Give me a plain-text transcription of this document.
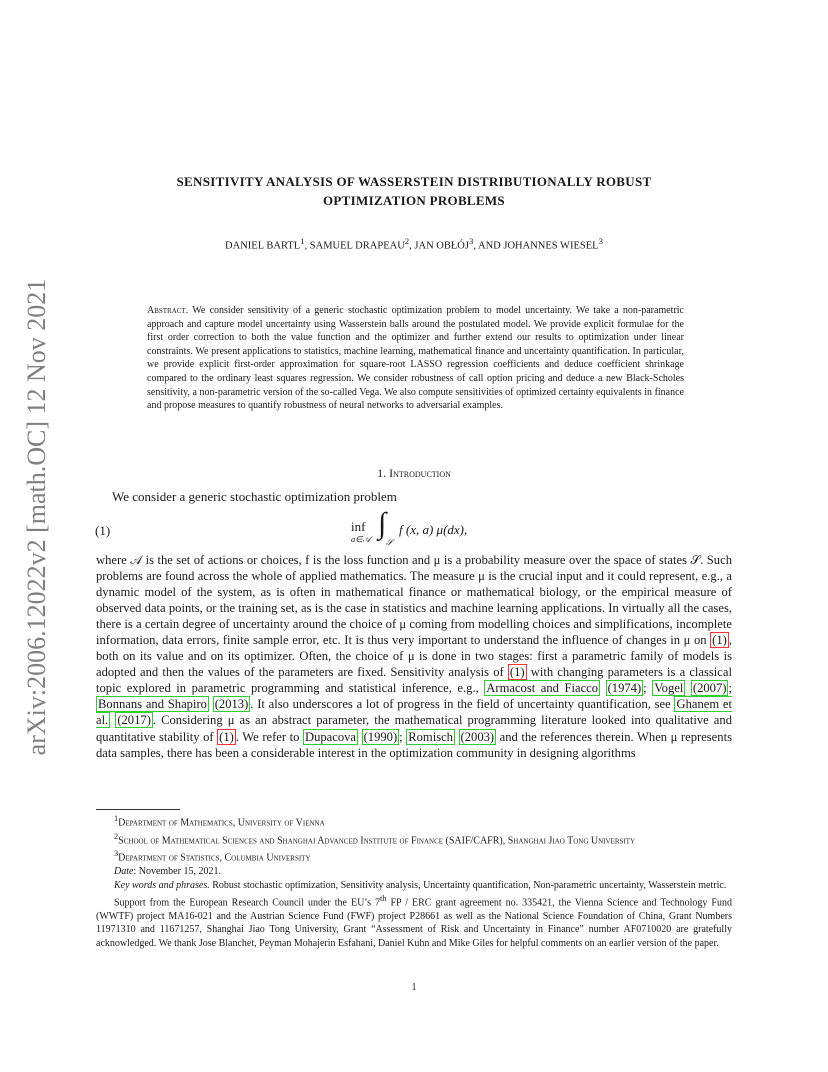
arXiv:2006.12022v2 [math.OC] 12 Nov 2021
SENSITIVITY ANALYSIS OF WASSERSTEIN DISTRIBUTIONALLY ROBUST
OPTIMIZATION PROBLEMS
DANIEL BARTL$^1$, SAMUEL DRAPEAU$^2$, JAN OBŁÓJ$^3$, AND JOHANNES WIESEL$^3$
Abstract. We consider sensitivity of a generic stochastic optimization problem to model uncertainty. We take a non-parametric approach and capture model uncertainty using Wasserstein balls around the postulated model. We provide explicit formulae for the first order correction to both the value function and the optimizer and further extend our results to optimization under linear constraints. We present applications to statistics, machine learning, mathematical finance and uncertainty quantification. In particular, we provide explicit first-order approximation for square-root LASSO regression coefficients and deduce coefficient shrinkage compared to the ordinary least squares regression. We consider robustness of call option pricing and deduce a new Black-Scholes sensitivity, a non-parametric version of the so-called Vega. We also compute sensitivities of optimized certainty equivalents in finance and propose measures to quantify robustness of neural networks to adversarial examples.
1. Introduction
We consider a generic stochastic optimization problem
(1)	inf
a∈𝒜 ∫
𝒮
f (x, a) μ(dx),
where 𝒜 is the set of actions or choices, f is the loss function and μ is a probability measure over the space of states 𝒮. Such problems are found across the whole of applied mathematics. The measure μ is the crucial input and it could represent, e.g., a dynamic model of the system, as is often in mathematical finance or mathematical biology, or the empirical measure of observed data points, or the training set, as is the case in statistics and machine learning applications. In virtually all the cases, there is a certain degree of uncertainty around the choice of μ coming from modelling choices and simplifications, incomplete information, data errors, finite sample error, etc. It is thus very important to understand the influence of changes in μ on (1) , both on its value and on its optimizer. Often, the choice of μ is done in two stages: first a parametric family of models is adopted and then the values of the parameters are fixed. Sensitivity analysis of (1) with changing parameters is a classical topic explored in parametric programming and statistical inference, e.g., Armacost and Fiacco (1974) ; Vogel (2007) ; Bonnans and Shapiro (2013) . It also underscores a lot of progress in the field of uncertainty quantification, see Ghanem et al. (2017) . Considering μ as an abstract parameter, the mathematical programming literature looked into qualitative and quantitative stability of (1) . We refer to Dupacova (1990) ; Romisch (2003) and the references therein. When μ represents data samples, there has been a considerable interest in the optimization community in designing algorithms

$^1$Department of Mathematics, University of Vienna

$^2$School of Mathematical Sciences and Shanghai Advanced Institute of Finance (SAIF/CAFR), Shanghai Jiao Tong University

$^3$Department of Statistics, Columbia University

Date: November 15, 2021.

Key words and phrases. Robust stochastic optimization, Sensitivity analysis, Uncertainty quantification, Non-parametric uncertainty, Wasserstein metric.

Support from the European Research Council under the EU’s 7th FP / ERC grant agreement no. 335421, the Vienna Science and Technology Fund (WWTF) project MA16-021 and the Austrian Science Fund (FWF) project P28661 as well as the National Science Foundation of China, Grant Numbers 11971310 and 11671257, Shanghai Jiao Tong University, Grant “Assessment of Risk and Uncertainty in Finance” number AF0710020 are gratefully acknowledged. We thank Jose Blanchet, Peyman Mohajerin Esfahani, Daniel Kuhn and Mike Giles for helpful comments on an earlier version of the paper.

1
